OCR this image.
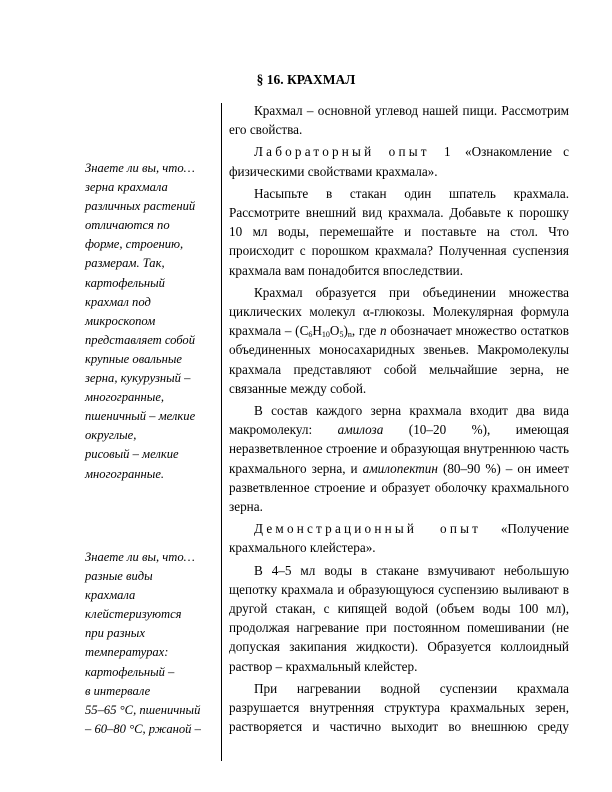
§ 16. КРАХМАЛ
Знаете ли вы, что…
зерна крахмала
различных растений
отличаются по
форме, строению,
размерам. Так,
картофельный
крахмал под
микроскопом
представляет собой
крупные овальные
зерна, кукурузный –
многогранные,
пшеничный – мелкие
округлые,
рисовый – мелкие
многогранные.
Знаете ли вы, что…
разные виды
крахмала
клейстеризуются
при разных
температурах:
картофельный –
в интервале
55–65 °С, пшеничный
– 60–80 °С, ржаной –

Крахмал – основной углевод нашей пищи. Рассмотрим его свойства.

Лабораторный опыт 1 «Ознакомление с физическими свойствами крахмала».

Насыпьте в стакан один шпатель крахмала. Рассмотрите внешний вид крахмала. Добавьте к порошку 10 мл воды, перемешайте и поставьте на стол. Что происходит с порошком крахмала? Полученная суспензия крахмала вам понадобится впоследствии.

Крахмал образуется при объединении множества циклических молекул α-глюкозы. Молекулярная формула крахмала – $(C_6H_{10}O_5)_n$, где n обозначает множество остатков объединенных моносахаридных звеньев. Макромолекулы крахмала представляют собой мельчайшие зерна, не связанные между собой.

В состав каждого зерна крахмала входит два вида макромолекул: амилоза (10–20 %), имеющая неразветвленное строение и образующая внутреннюю часть крахмального зерна, и амилопектин (80–90 %) – он имеет разветвленное строение и образует оболочку крахмального зерна.

Демонстрационный опыт «Получение крахмального клейстера».

В 4–5 мл воды в стакане взмучивают небольшую щепотку крахмала и образующуюся суспензию выливают в другой стакан, с кипящей водой (объем воды 100 мл), продолжая нагревание при постоянном помешивании (не допуская закипания жидкости). Образуется коллоидный раствор – крахмальный клейстер.

При нагревании водной суспензии крахмала разрушается внутренняя структура крахмальных зерен, растворяется и частично выходит во внешнюю среду
